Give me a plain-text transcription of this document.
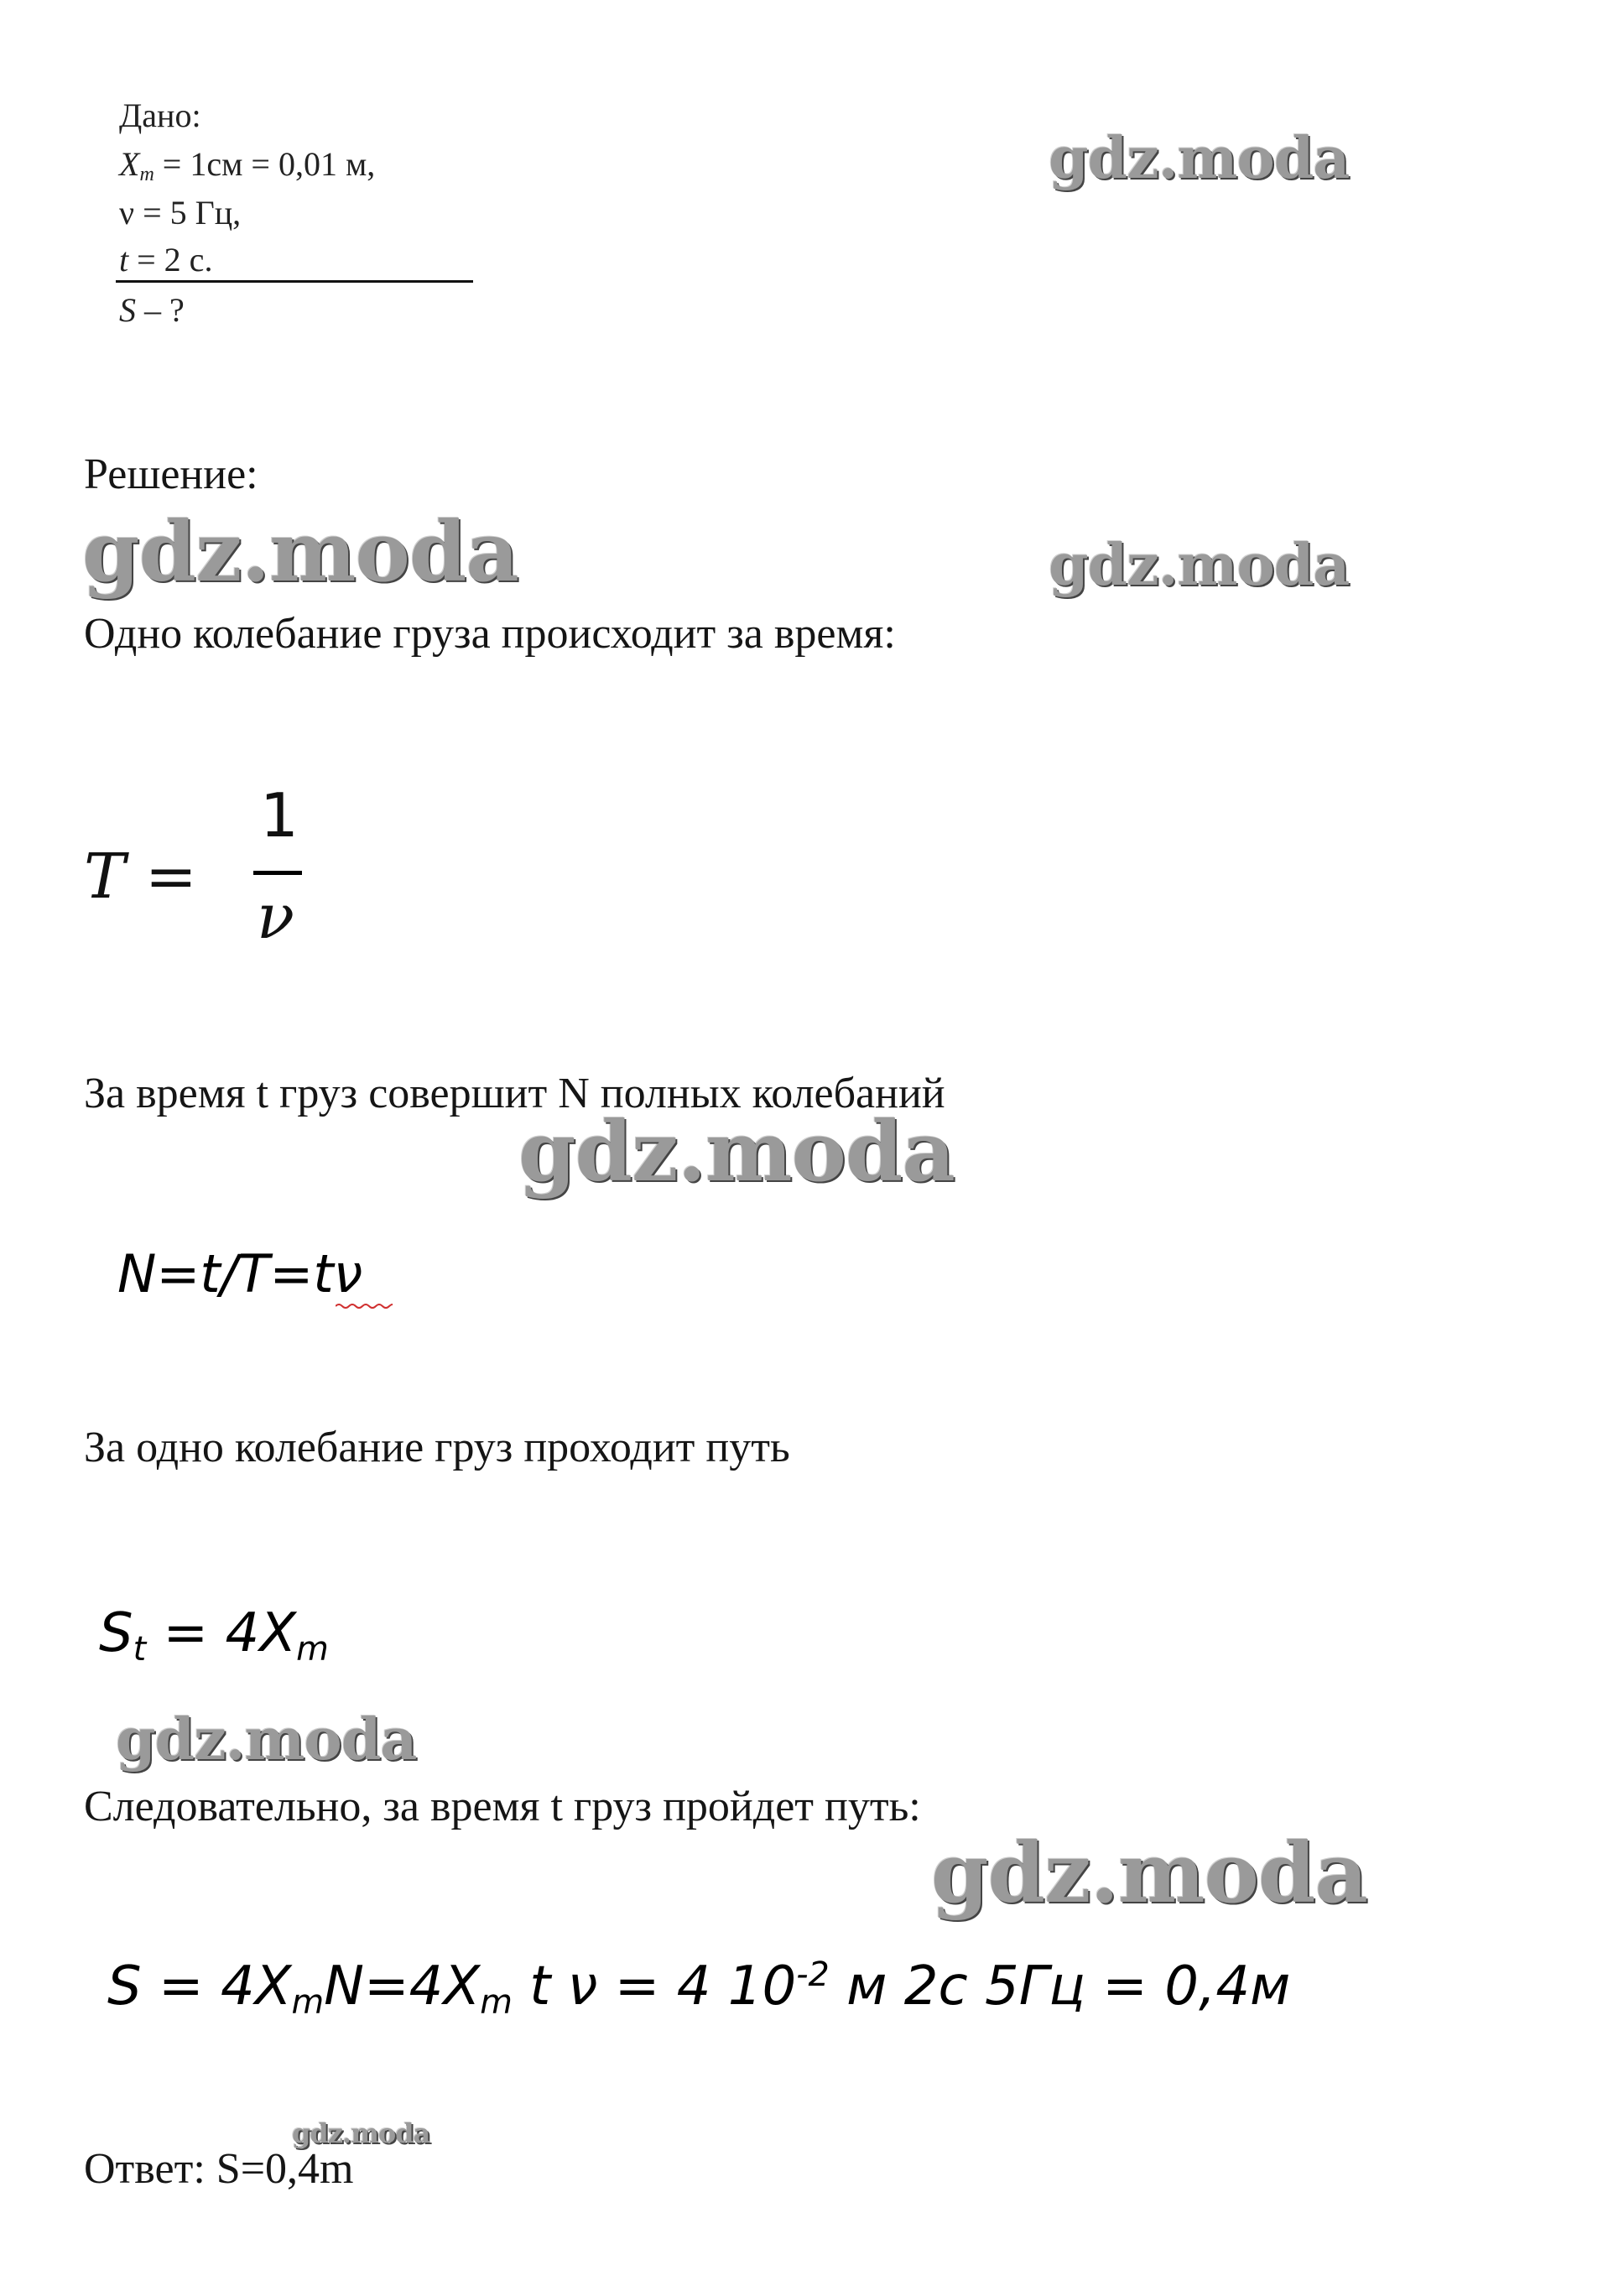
Дано:
$X_m = 1см = 0,01$ м,
ν = 5 Гц,
t = 2 с.
S – ?
Решение:
Одно колебание груза происходит за время:
T =
1
ν
За время t груз совершит N полных колебаний
N=t/T=tν
За одно колебание груз проходит путь
$S_t = 4X_m$
Следовательно, за время t груз пройдет путь:
$S = 4X_mN=4X_m$ t ν = 4 $10^{-2}$ м 2с 5Гц = 0,4м
Ответ: S=0,4m
gdz.moda
gdz.moda	gdz.moda
gdz.moda
gdz.moda
gdz.moda
gdz.moda
